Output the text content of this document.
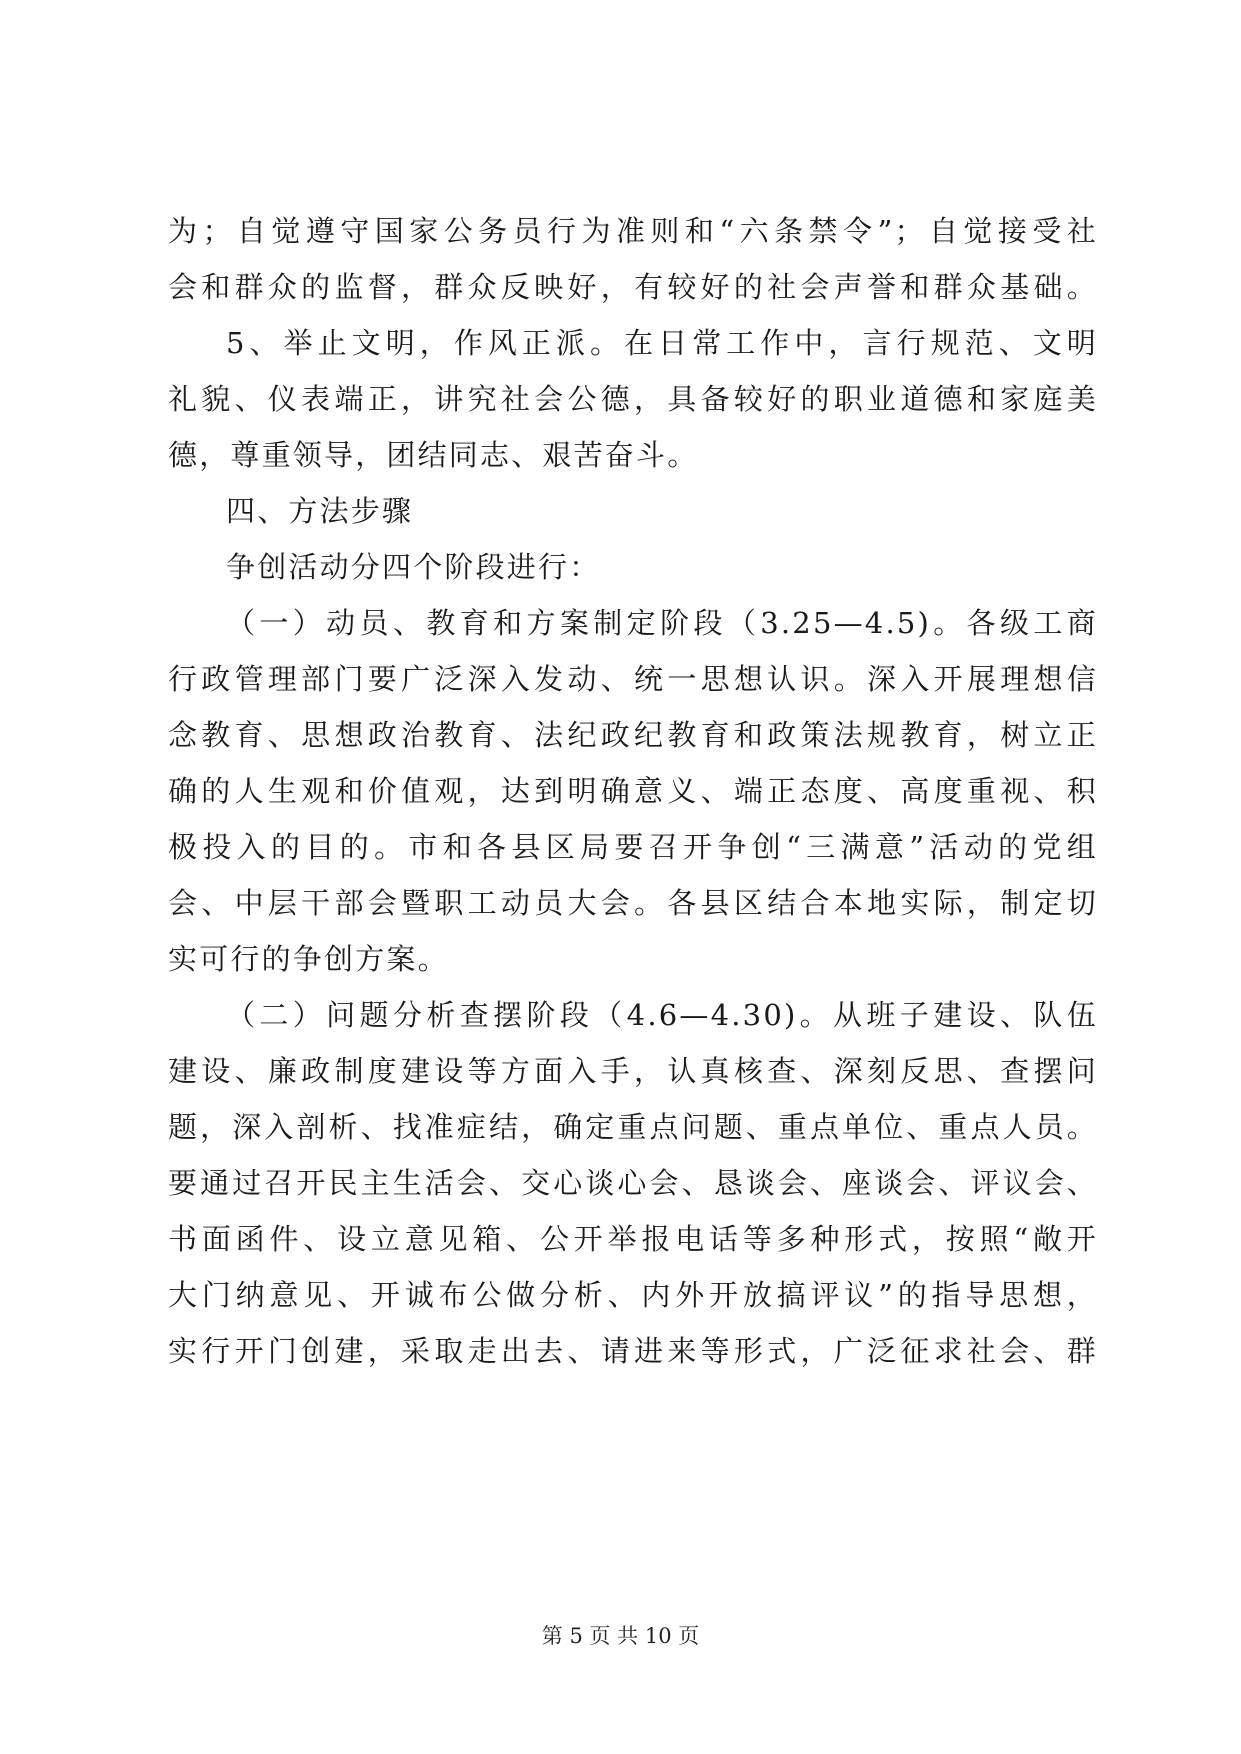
为；自觉遵守国家公务员行为准则和“六条禁令”；自觉接受社
会和群众的监督，群众反映好，有较好的社会声誉和群众基础。
5、举止文明，作风正派。在日常工作中，言行规范、文明
礼貌、仪表端正，讲究社会公德，具备较好的职业道德和家庭美
德，尊重领导，团结同志、艰苦奋斗。
四、方法步骤
争创活动分四个阶段进行：
（一）动员、教育和方案制定阶段（3.25—4.5)。各级工商
行政管理部门要广泛深入发动、统一思想认识。深入开展理想信
念教育、思想政治教育、法纪政纪教育和政策法规教育，树立正
确的人生观和价值观，达到明确意义、端正态度、高度重视、积
极投入的目的。市和各县区局要召开争创“三满意”活动的党组
会、中层干部会暨职工动员大会。各县区结合本地实际，制定切
实可行的争创方案。
（二）问题分析查摆阶段（4.6—4.30)。从班子建设、队伍
建设、廉政制度建设等方面入手，认真核查、深刻反思、查摆问
题，深入剖析、找准症结，确定重点问题、重点单位、重点人员。
要通过召开民主生活会、交心谈心会、恳谈会、座谈会、评议会、
书面函件、设立意见箱、公开举报电话等多种形式，按照“敞开
大门纳意见、开诚布公做分析、内外开放搞评议”的指导思想，
实行开门创建，采取走出去、请进来等形式，广泛征求社会、群
第 5 页 共 10 页
